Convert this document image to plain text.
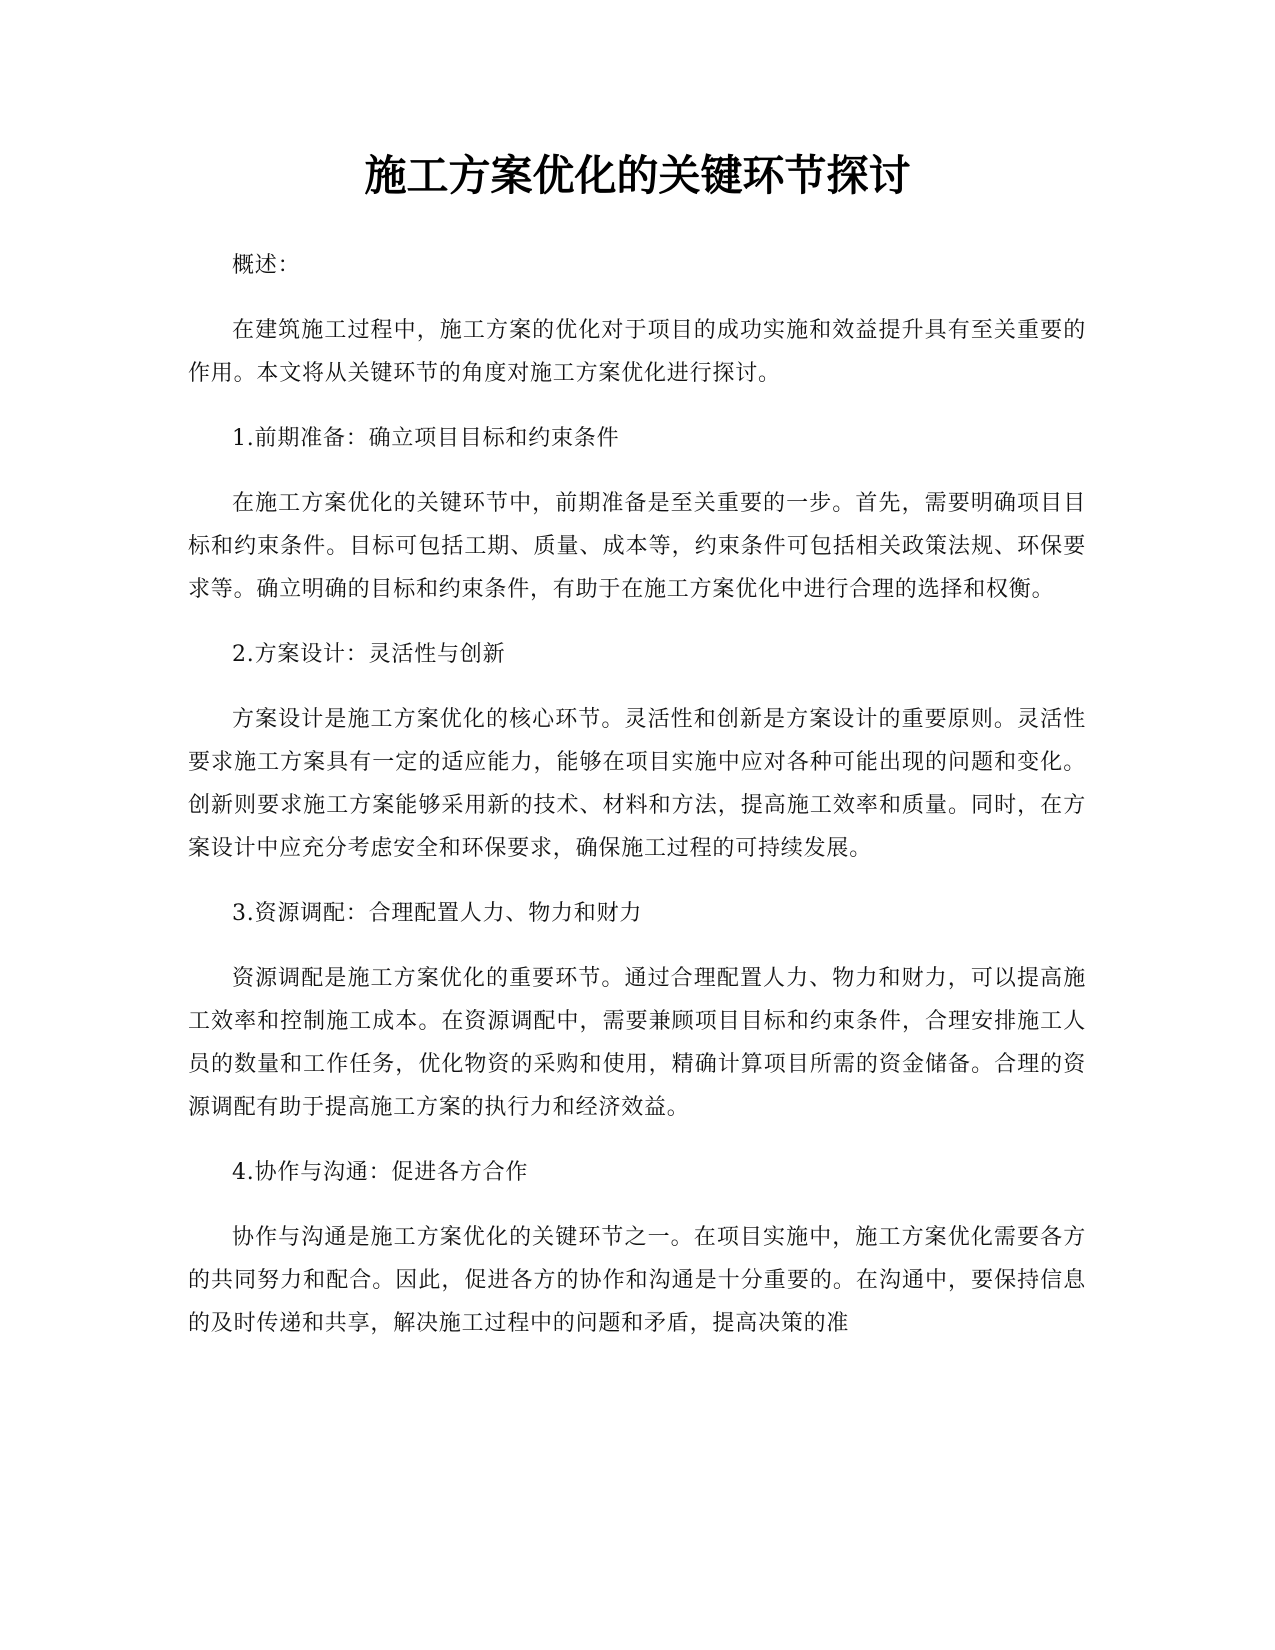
施工方案优化的关键环节探讨

概述：

在建筑施工过程中，施工方案的优化对于项目的成功实施和效益提升具有至关重要的作用。本文将从关键环节的角度对施工方案优化进行探讨。

1.前期准备：确立项目目标和约束条件

在施工方案优化的关键环节中，前期准备是至关重要的一步。首先，需要明确项目目标和约束条件。目标可包括工期、质量、成本等，约束条件可包括相关政策法规、环保要求等。确立明确的目标和约束条件，有助于在施工方案优化中进行合理的选择和权衡。

2.方案设计：灵活性与创新

方案设计是施工方案优化的核心环节。灵活性和创新是方案设计的重要原则。灵活性要求施工方案具有一定的适应能力，能够在项目实施中应对各种可能出现的问题和变化。创新则要求施工方案能够采用新的技术、材料和方法，提高施工效率和质量。同时，在方案设计中应充分考虑安全和环保要求，确保施工过程的可持续发展。

3.资源调配：合理配置人力、物力和财力

资源调配是施工方案优化的重要环节。通过合理配置人力、物力和财力，可以提高施工效率和控制施工成本。在资源调配中，需要兼顾项目目标和约束条件，合理安排施工人员的数量和工作任务，优化物资的采购和使用，精确计算项目所需的资金储备。合理的资源调配有助于提高施工方案的执行力和经济效益。

4.协作与沟通：促进各方合作

协作与沟通是施工方案优化的关键环节之一。在项目实施中，施工方案优化需要各方的共同努力和配合。因此，促进各方的协作和沟通是十分重要的。在沟通中，要保持信息的及时传递和共享，解决施工过程中的问题和矛盾，提高决策的准
